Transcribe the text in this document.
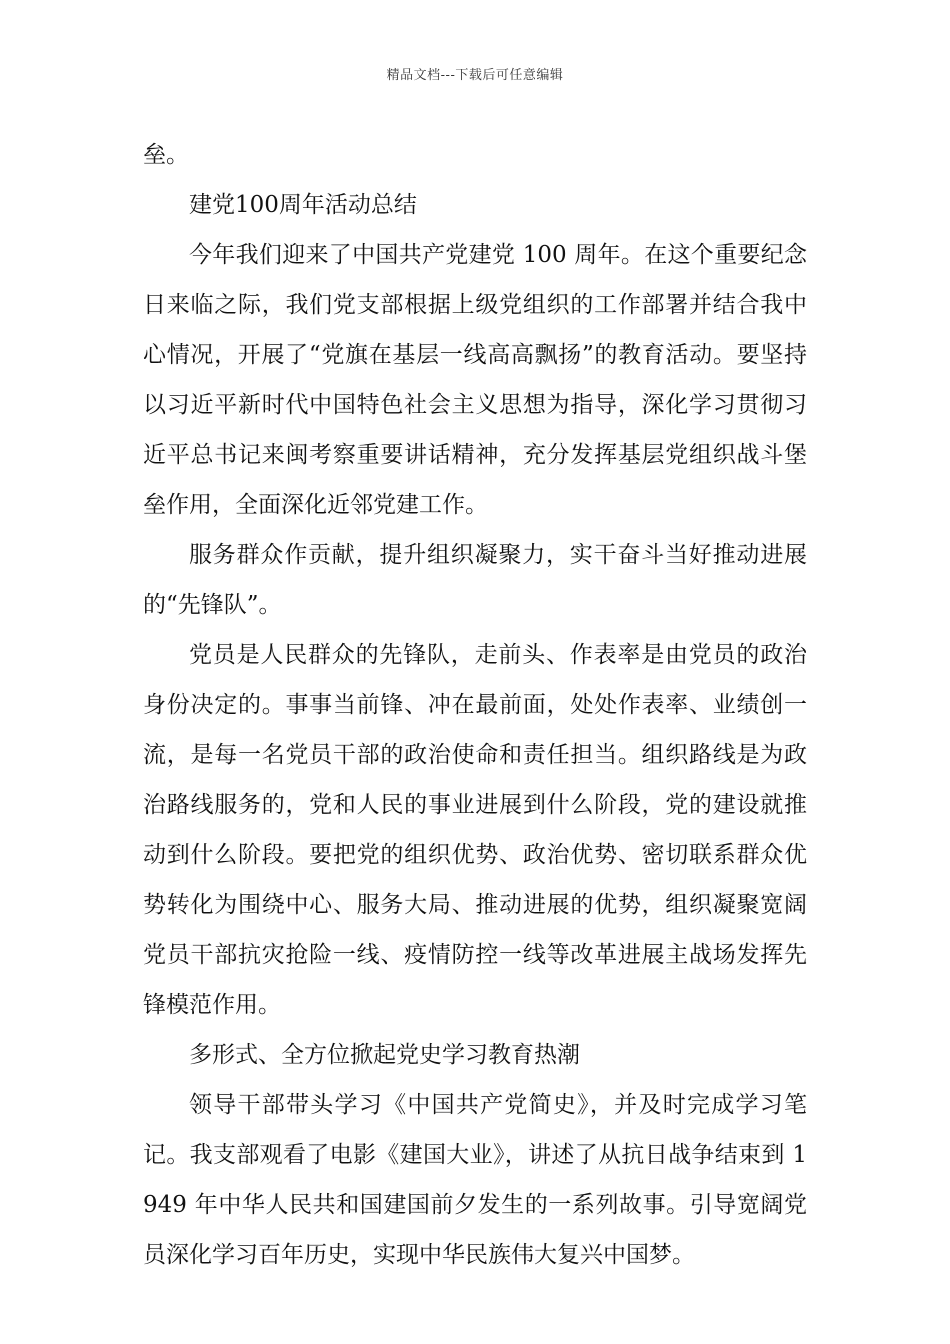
精品文档---下载后可任意编辑

垒。

建党100周年活动总结

今年我们迎来了中国共产党建党 100 周年。在这个重要纪念日来临之际，我们党支部根据上级党组织的工作部署并结合我中心情况，开展了“党旗在基层一线高高飘扬”的教育活动。要坚持以习近平新时代中国特色社会主义思想为指导，深化学习贯彻习近平总书记来闽考察重要讲话精神，充分发挥基层党组织战斗堡垒作用，全面深化近邻党建工作。

服务群众作贡献，提升组织凝聚力，实干奋斗当好推动进展的“先锋队”。

党员是人民群众的先锋队，走前头、作表率是由党员的政治身份决定的。事事当前锋、冲在最前面，处处作表率、业绩创一流，是每一名党员干部的政治使命和责任担当。组织路线是为政治路线服务的，党和人民的事业进展到什么阶段，党的建设就推动到什么阶段。要把党的组织优势、政治优势、密切联系群众优势转化为围绕中心、服务大局、推动进展的优势，组织凝聚宽阔党员干部抗灾抢险一线、疫情防控一线等改革进展主战场发挥先锋模范作用。

多形式、全方位掀起党史学习教育热潮

领导干部带头学习《中国共产党简史》，并及时完成学习笔记。我支部观看了电影《建国大业》，讲述了从抗日战争结束到 1949 年中华人民共和国建国前夕发生的一系列故事。引导宽阔党员深化学习百年历史，实现中华民族伟大复兴中国梦。
